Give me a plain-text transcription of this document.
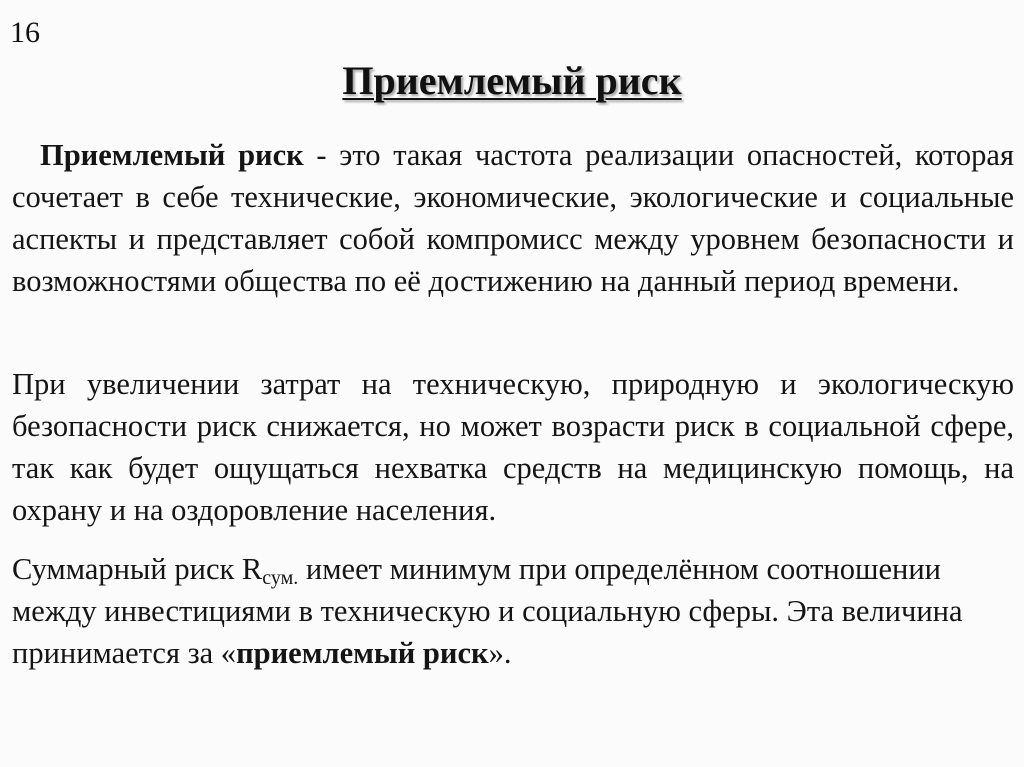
16
Приемлемый риск

Приемлемый риск - это такая частота реализации опасностей, которая сочетает в себе технические, экономические, экологические и социальные аспекты и представляет собой компромисс между уровнем безопасности и возможностями общества по её достижению на данный период времени.

При увеличении затрат на техническую, природную и экологическую безопасности риск снижается, но может возрасти риск в социальной сфере, так как будет ощущаться нехватка средств на медицинскую помощь, на охрану и на оздоровление населения.

Суммарный риск $R_{сум.}$ имеет минимум при определённом соотношении между инвестициями в техническую и социальную сферы. Эта величина принимается за «приемлемый риск».
